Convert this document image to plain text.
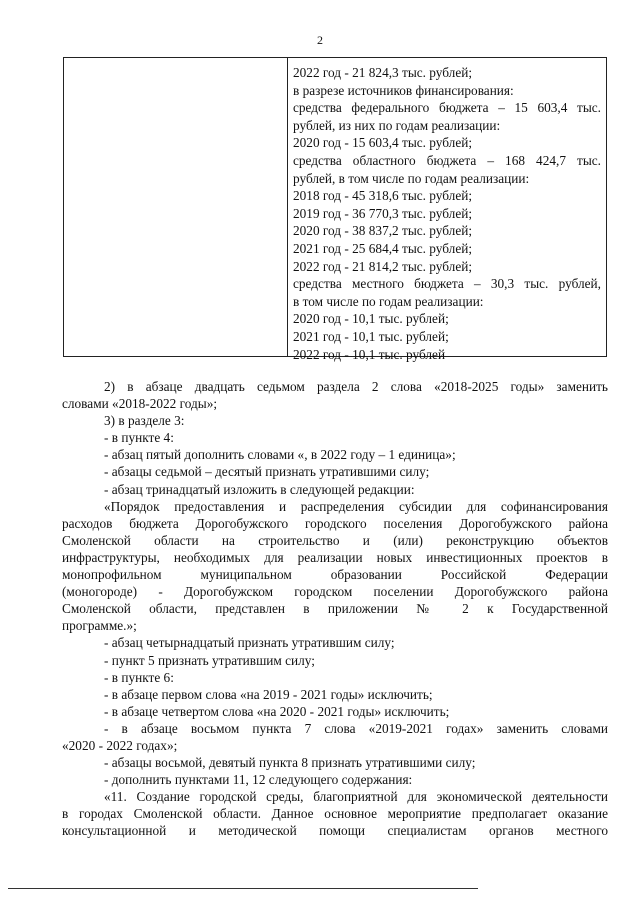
2
2022 год - 21 824,3 тыс. рублей;
в разрезе источников финансирования:
средства федерального бюджета – 15 603,4 тыс.
рублей, из них по годам реализации:
2020 год - 15 603,4 тыс. рублей;
средства областного бюджета – 168 424,7 тыс.
рублей, в том числе по годам реализации:
2018 год - 45 318,6 тыс. рублей;
2019 год - 36 770,3 тыс. рублей;
2020 год - 38 837,2 тыс. рублей;
2021 год - 25 684,4 тыс. рублей;
2022 год - 21 814,2 тыс. рублей;
средства местного бюджета – 30,3 тыс. рублей,
в том числе по годам реализации:
2020 год - 10,1 тыс. рублей;
2021 год - 10,1 тыс. рублей;
2022 год - 10,1 тыс. рублей
2) в абзаце двадцать седьмом раздела 2 слова «2018-2025 годы» заменить
словами «2018-2022 годы»;
3) в разделе 3:
- в пункте 4:
- абзац пятый дополнить словами «, в 2022 году – 1 единица»;
- абзацы седьмой – десятый признать утратившими силу;
- абзац тринадцатый изложить в следующей редакции:
«Порядок предоставления и распределения субсидии для софинансирования
расходов бюджета Дорогобужского городского поселения Дорогобужского района
Смоленской области на строительство и (или) реконструкцию объектов
инфраструктуры, необходимых для реализации новых инвестиционных проектов в
монопрофильном муниципальном образовании Российской Федерации
(моногороде) - Дорогобужском городском поселении Дорогобужского района
Смоленской области, представлен в приложении № 2 к Государственной
программе.»;
- абзац четырнадцатый признать утратившим силу;
- пункт 5 признать утратившим силу;
- в пункте 6:
- в абзаце первом слова «на 2019 - 2021 годы» исключить;
- в абзаце четвертом слова «на 2020 - 2021 годы» исключить;
- в абзаце восьмом пункта 7 слова «2019-2021 годах» заменить словами
«2020 - 2022 годах»;
- абзацы восьмой, девятый пункта 8 признать утратившими силу;
- дополнить пунктами 11, 12 следующего содержания:
«11. Создание городской среды, благоприятной для экономической деятельности
в городах Смоленской области. Данное основное мероприятие предполагает оказание
консультационной и методической помощи специалистам органов местного
